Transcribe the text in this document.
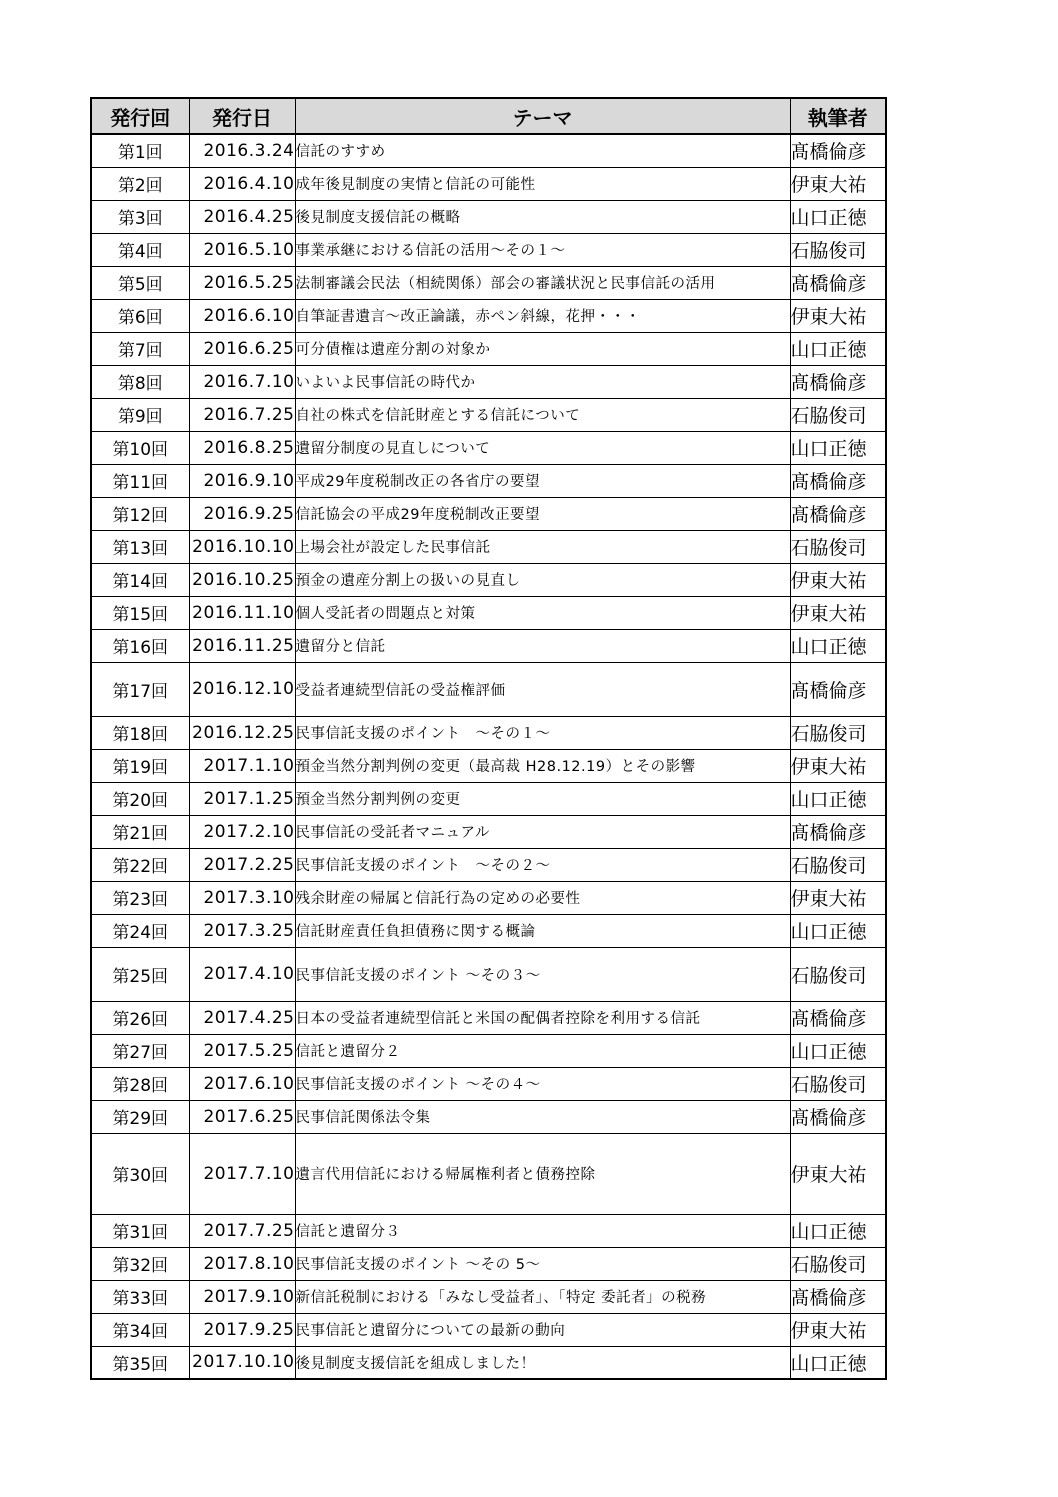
発行回	発行日	テーマ	執筆者
第1回	2016.3.24	信託のすすめ	髙橋倫彦
第2回	2016.4.10	成年後見制度の実情と信託の可能性	伊東大祐
第3回	2016.4.25	後見制度支援信託の概略	山口正徳
第4回	2016.5.10	事業承継における信託の活用～その１～	石脇俊司
第5回	2016.5.25	法制審議会民法（相続関係）部会の審議状況と民事信託の活用	髙橋倫彦
第6回	2016.6.10	自筆証書遺言～改正論議，赤ペン斜線，花押・・・	伊東大祐
第7回	2016.6.25	可分債権は遺産分割の対象か	山口正徳
第8回	2016.7.10	いよいよ民事信託の時代か	髙橋倫彦
第9回	2016.7.25	自社の株式を信託財産とする信託について	石脇俊司
第10回	2016.8.25	遺留分制度の見直しについて	山口正徳
第11回	2016.9.10	平成29年度税制改正の各省庁の要望	髙橋倫彦
第12回	2016.9.25	信託協会の平成29年度税制改正要望	髙橋倫彦
第13回	2016.10.10	上場会社が設定した民事信託	石脇俊司
第14回	2016.10.25	預金の遺産分割上の扱いの見直し	伊東大祐
第15回	2016.11.10	個人受託者の問題点と対策	伊東大祐
第16回	2016.11.25	遺留分と信託	山口正徳
第17回	2016.12.10	受益者連続型信託の受益権評価	髙橋倫彦
第18回	2016.12.25	民事信託支援のポイント　～その１～	石脇俊司
第19回	2017.1.10	預金当然分割判例の変更（最高裁 H28.12.19）とその影響	伊東大祐
第20回	2017.1.25	預金当然分割判例の変更	山口正徳
第21回	2017.2.10	民事信託の受託者マニュアル	髙橋倫彦
第22回	2017.2.25	民事信託支援のポイント　～その２～	石脇俊司
第23回	2017.3.10	残余財産の帰属と信託行為の定めの必要性	伊東大祐
第24回	2017.3.25	信託財産責任負担債務に関する概論	山口正徳
第25回	2017.4.10	民事信託支援のポイント ～その３～	石脇俊司
第26回	2017.4.25	日本の受益者連続型信託と米国の配偶者控除を利用する信託	髙橋倫彦
第27回	2017.5.25	信託と遺留分２	山口正徳
第28回	2017.6.10	民事信託支援のポイント ～その４～	石脇俊司
第29回	2017.6.25	民事信託関係法令集	髙橋倫彦
第30回	2017.7.10	遺言代用信託における帰属権利者と債務控除	伊東大祐
第31回	2017.7.25	信託と遺留分３	山口正徳
第32回	2017.8.10	民事信託支援のポイント ～その 5～	石脇俊司
第33回	2017.9.10	新信託税制における「みなし受益者」、「特定 委託者」の税務	髙橋倫彦
第34回	2017.9.25	民事信託と遺留分についての最新の動向	伊東大祐
第35回	2017.10.10	後見制度支援信託を組成しました！	山口正徳
